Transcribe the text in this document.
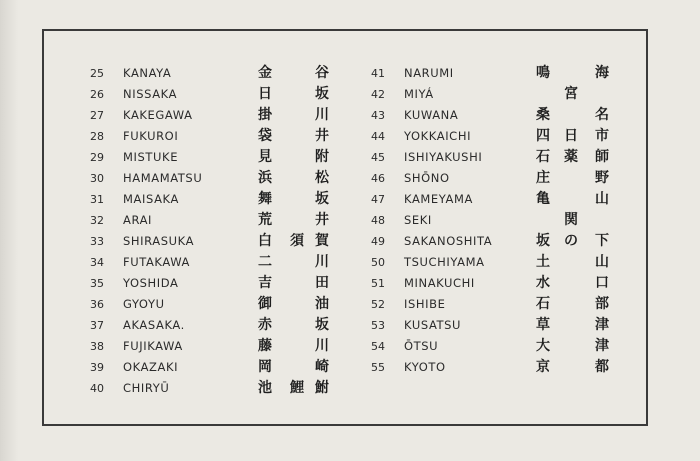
25	KANAYA	金	谷
26	NISSAKA	日	坂
27	KAKEGAWA	掛	川
28	FUKUROI	袋	井
29	MISTUKE	見	附
30	HAMAMATSU	浜	松
31	MAISAKA	舞	坂
32	ARAI	荒	井
33	SHIRASUKA	白 須 賀
34	FUTAKAWA	二	川
35	YOSHIDA	吉	田
36	GYOYU	御	油
37	AKASAKA.	赤	坂
38	FUJIKAWA	藤	川
39	OKAZAKI	岡	崎
40	CHIRYŪ	池 鯉 鮒
41	NARUMI	鳴	海
42	MIYÁ	宮
43	KUWANA	桑	名
44	YOKKAICHI	四 日 市
45	ISHIYAKUSHI	石 薬 師
46	SHŌNO	庄	野
47	KAMEYAMA	亀	山
48	SEKI	関
49	SAKANOSHITA	坂 の 下
50	TSUCHIYAMA	土	山
51	MINAKUCHI	水	口
52	ISHIBE	石	部
53	KUSATSU	草	津
54	ŌTSU	大	津
55	KYOTO	京	都
